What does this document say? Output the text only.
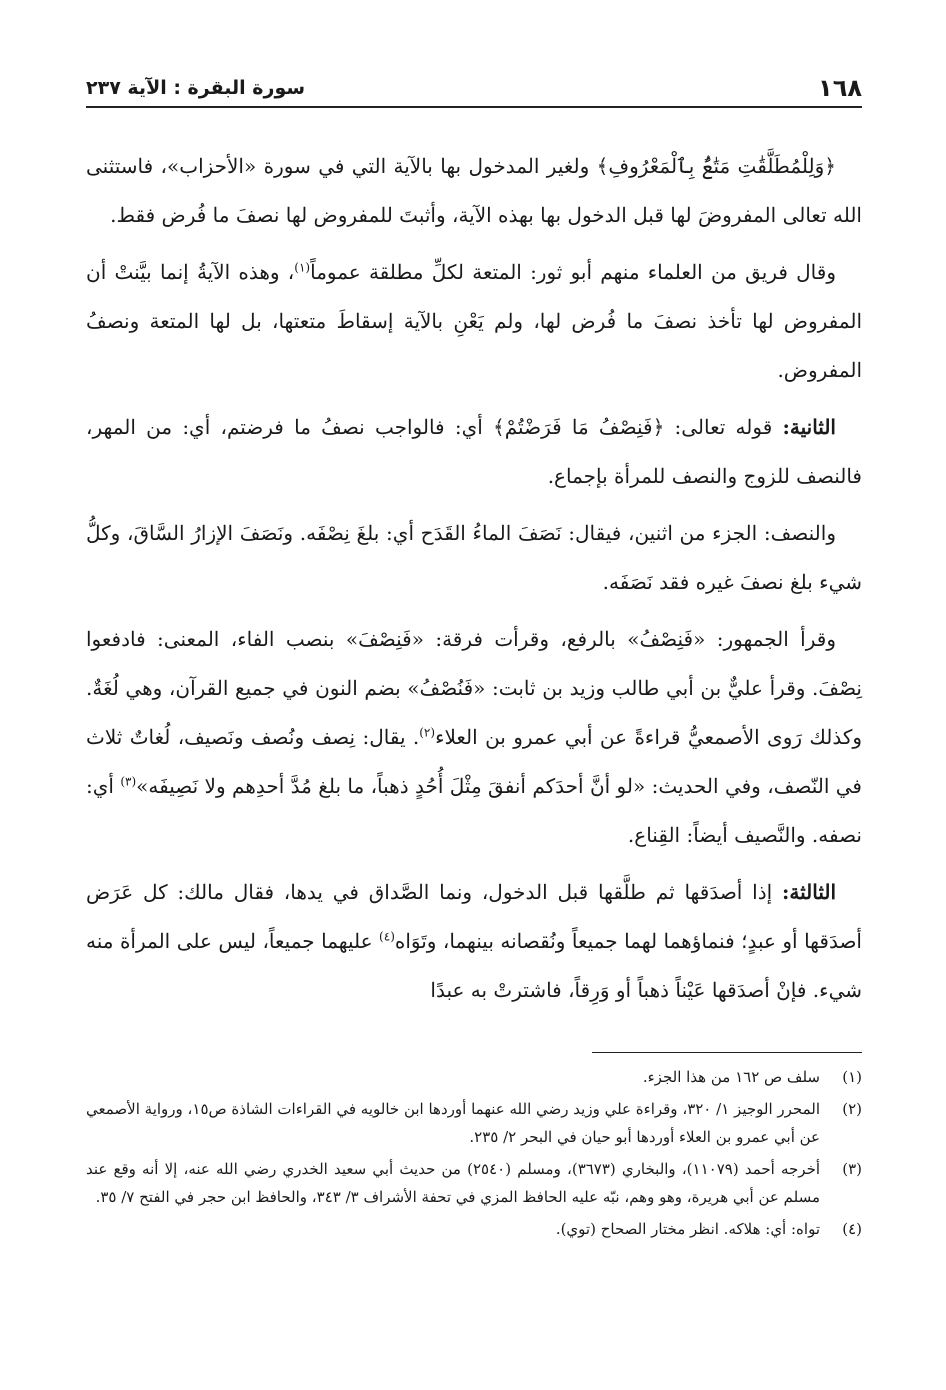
١٦٨
سورة البقرة : الآية ٢٣٧

﴿وَلِلْمُطَلَّقَٰتِ مَتَٰعٌۢ بِٱلْمَعْرُوفِ﴾ ولغير المدخول بها بالآية التي في سورة «الأحزاب»، فاستثنى الله تعالى المفروضَ لها قبل الدخول بها بهذه الآية، وأثبتَ للمفروض لها نصفَ ما فُرض فقط.

وقال فريق من العلماء منهم أبو ثور: المتعة لكلِّ مطلقة عموماً$^{(١)}$، وهذه الآيةُ إنما بيَّنتْ أن المفروض لها تأخذ نصفَ ما فُرض لها، ولم يَعْنِ بالآية إسقاطَ متعتها، بل لها المتعة ونصفُ المفروض.

الثانية: قوله تعالى: ﴿فَنِصْفُ مَا فَرَضْتُمْ﴾ أي: فالواجب نصفُ ما فرضتم، أي: من المهر، فالنصف للزوج والنصف للمرأة بإجماع.

والنصف: الجزء من اثنين، فيقال: نَصَفَ الماءُ القَدَح أي: بلغَ نِصْفَه. ونَصَفَ الإزارُ السَّاقَ، وكلُّ شيء بلغ نصفَ غيره فقد نَصَفَه.

وقرأ الجمهور: «فَنِصْفُ» بالرفع، وقرأت فرقة: «فَنِصْفَ» بنصب الفاء، المعنى: فادفعوا نِصْفَ. وقرأ عليٌّ بن أبي طالب وزيد بن ثابت: «فَنُصْفُ» بضم النون في جميع القرآن، وهي لُغَةٌ. وكذلك رَوى الأصمعيُّ قراءةً عن أبي عمرو بن العلاء$^{(٢)}$. يقال: نِصف ونُصف ونَصيف، لُغاتٌ ثلاث في النّصف، وفي الحديث: «لو أنَّ أحدَكم أنفقَ مِثْلَ أُحُدٍ ذهباً، ما بلغ مُدَّ أحدِهم ولا نَصِيفَه»$^{(٣)}$ أي: نصفه. والنَّصيف أيضاً: القِناع.

الثالثة: إذا أصدَقها ثم طلَّقها قبل الدخول، ونما الصَّداق في يدها، فقال مالك: كل عَرَض أصدَقها أو عبدٍ؛ فنماؤهما لهما جميعاً ونُقصانه بينهما، وتَوَاه$^{(٤)}$ عليهما جميعاً، ليس على المرأة منه شيء. فإنْ أصدَقها عَيْناً ذهباً أو وَرِقاً، فاشترتْ به عبدًا

(١)
سلف ص ١٦٢ من هذا الجزء.
(٢)
المحرر الوجيز ١/ ٣٢٠، وقراءة علي وزيد رضي الله عنهما أوردها ابن خالويه في القراءات الشاذة ص١٥، ورواية الأصمعي عن أبي عمرو بن العلاء أوردها أبو حيان في البحر ٢/ ٢٣٥.
(٣)
أخرجه أحمد (١١٠٧٩)، والبخاري (٣٦٧٣)، ومسلم (٢٥٤٠) من حديث أبي سعيد الخدري رضي الله عنه، إلا أنه وقع عند مسلم عن أبي هريرة، وهو وهم، نبّه عليه الحافظ المزي في تحفة الأشراف ٣/ ٣٤٣، والحافظ ابن حجر في الفتح ٧/ ٣٥.
(٤)
تواه: أي: هلاكه. انظر مختار الصحاح (توي).
